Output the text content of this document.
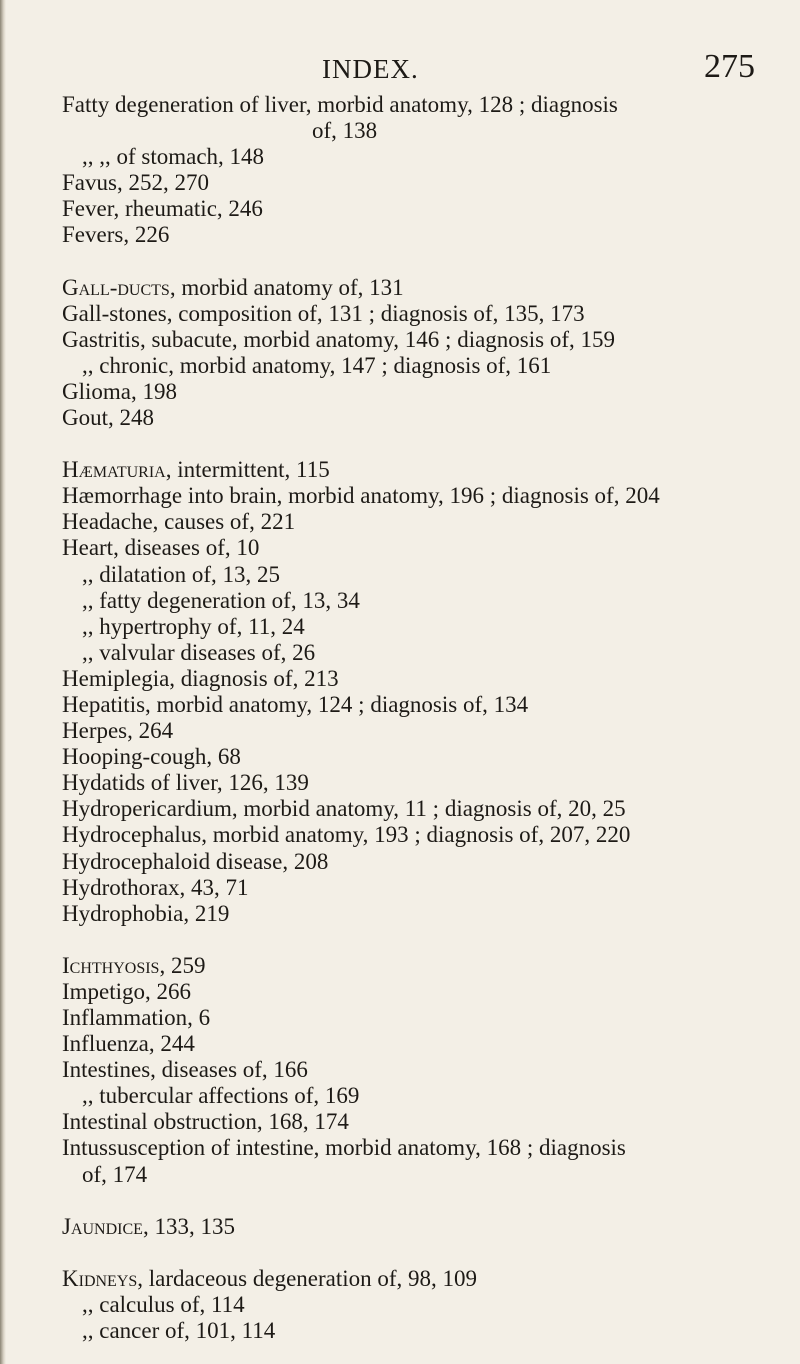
INDEX.	275
Fatty degeneration of liver, morbid anatomy, 128 ; diagnosis
of, 138
,, ,, of stomach, 148
Favus, 252, 270
Fever, rheumatic, 246
Fevers, 226
Gall-ducts, morbid anatomy of, 131
Gall-stones, composition of, 131 ; diagnosis of, 135, 173
Gastritis, subacute, morbid anatomy, 146 ; diagnosis of, 159
,, chronic, morbid anatomy, 147 ; diagnosis of, 161
Glioma, 198
Gout, 248
Hæmaturia, intermittent, 115
Hæmorrhage into brain, morbid anatomy, 196 ; diagnosis of, 204
Headache, causes of, 221
Heart, diseases of, 10
,, dilatation of, 13, 25
,, fatty degeneration of, 13, 34
,, hypertrophy of, 11, 24
,, valvular diseases of, 26
Hemiplegia, diagnosis of, 213
Hepatitis, morbid anatomy, 124 ; diagnosis of, 134
Herpes, 264
Hooping-cough, 68
Hydatids of liver, 126, 139
Hydropericardium, morbid anatomy, 11 ; diagnosis of, 20, 25
Hydrocephalus, morbid anatomy, 193 ; diagnosis of, 207, 220
Hydrocephaloid disease, 208
Hydrothorax, 43, 71
Hydrophobia, 219
Ichthyosis, 259
Impetigo, 266
Inflammation, 6
Influenza, 244
Intestines, diseases of, 166
,, tubercular affections of, 169
Intestinal obstruction, 168, 174
Intussusception of intestine, morbid anatomy, 168 ; diagnosis
of, 174
Jaundice, 133, 135
Kidneys, lardaceous degeneration of, 98, 109
,, calculus of, 114
,, cancer of, 101, 114
